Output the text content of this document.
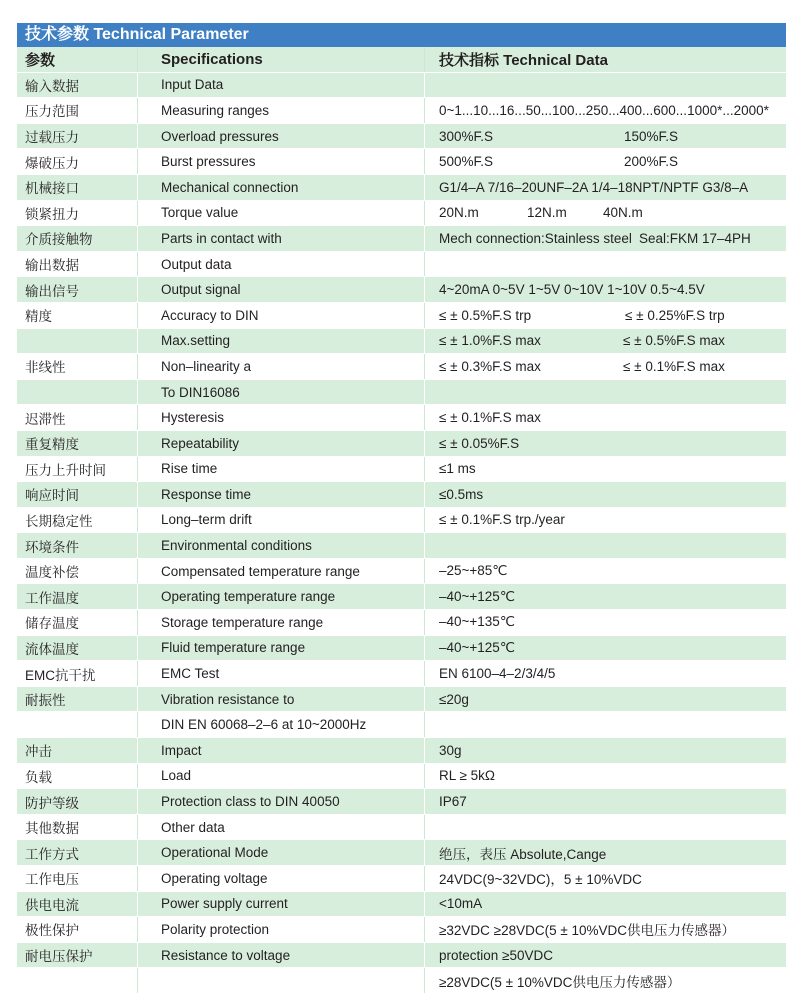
技术参数 Technical Parameter
参数	Specifications	技术指标 Technical Data
输入数据	Input Data	

压力范围	Measuring ranges	0~1...10...16...50...100...250...400...600...1000*...2000*

过载压力	Overload pressures	300%F.S 150%F.S

爆破压力	Burst pressures	500%F.S 200%F.S

机械接口	Mechanical connection	G1/4–A 7/16–20UNF–2A 1/4–18NPT/NPTF G3/8–A

锁紧扭力	Torque value	20N.m 12N.m 40N.m

介质接触物	Parts in contact with	Mech connection:Stainless steel Seal:FKM 17–4PH

输出数据	Output data	

输出信号	Output signal	4~20mA 0~5V 1~5V 0~10V 1~10V 0.5~4.5V

精度	Accuracy to DIN	≤ ± 0.5%F.S trp ≤ ± 0.25%F.S trp

	Max.setting	≤ ± 1.0%F.S max ≤ ± 0.5%F.S max

非线性	Non–linearity a	≤ ± 0.3%F.S max ≤ ± 0.1%F.S max

	To DIN16086	

迟滞性	Hysteresis	≤ ± 0.1%F.S max

重复精度	Repeatability	≤ ± 0.05%F.S

压力上升时间	Rise time	≤1 ms

响应时间	Response time	≤0.5ms

长期稳定性	Long–term drift	≤ ± 0.1%F.S trp./year

环境条件	Environmental conditions	

温度补偿	Compensated temperature range	–25~+85℃

工作温度	Operating temperature range	–40~+125℃

储存温度	Storage temperature range	–40~+135℃

流体温度	Fluid temperature range	–40~+125℃

EMC抗干扰	EMC Test	EN 6100–4–2/3/4/5

耐振性	Vibration resistance to	≤20g

	DIN EN 60068–2–6 at 10~2000Hz	

冲击	Impact	30g

负载	Load	RL ≥ 5kΩ

防护等级	Protection class to DIN 40050	IP67

其他数据	Other data	

工作方式	Operational Mode	绝压，表压 Absolute,Cange

工作电压	Operating voltage	24VDC(9~32VDC)，5 ± 10%VDC

供电电流	Power supply current	<10mA

极性保护	Polarity protection	≥32VDC ≥28VDC(5 ± 10%VDC供电压力传感器）

耐电压保护	Resistance to voltage	protection ≥50VDC

		≥28VDC(5 ± 10%VDC供电压力传感器）
